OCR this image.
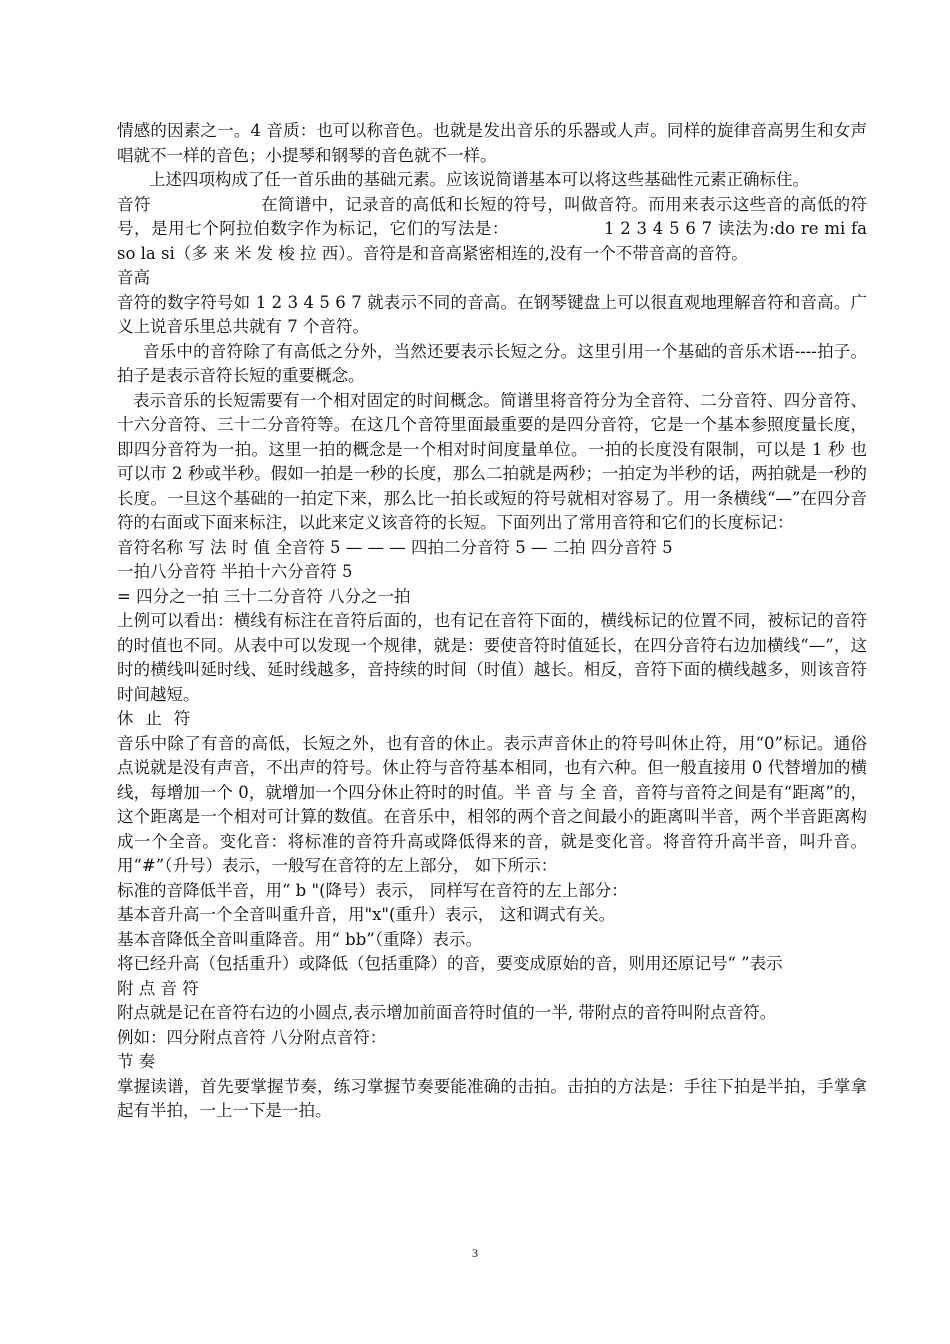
情感的因素之一。4 音质：也可以称音色。也就是发出音乐的乐器或人声。同样的旋律音高男生和女声唱就不一样的音色；小提琴和钢琴的音色就不一样。

上述四项构成了任一首乐曲的基础元素。应该说简谱基本可以将这些基础性元素正确标住。

音符	在简谱中，记录音的高低和长短的符号，叫做音符。而用来表示这些音的高低的符号，是用七个阿拉伯数字作为标记，它们的写法是：	1 2 3 4 5 6 7 读法为:do re mi fa so la si（多 来 米 发 梭 拉 西）。音符是和音高紧密相连的,没有一个不带音高的音符。

音高

音符的数字符号如 1 2 3 4 5 6 7 就表示不同的音高。在钢琴键盘上可以很直观地理解音符和音高。广义上说音乐里总共就有 7 个音符。

音乐中的音符除了有高低之分外，当然还要表示长短之分。这里引用一个基础的音乐术语----拍子。拍子是表示音符长短的重要概念。

表示音乐的长短需要有一个相对固定的时间概念。简谱里将音符分为全音符、二分音符、四分音符、十六分音符、三十二分音符等。在这几个音符里面最重要的是四分音符，它是一个基本参照度量长度，即四分音符为一拍。这里一拍的概念是一个相对时间度量单位。一拍的长度没有限制，可以是 1 秒 也可以市 2 秒或半秒。假如一拍是一秒的长度，那么二拍就是两秒；一拍定为半秒的话，两拍就是一秒的长度。一旦这个基础的一拍定下来，那么比一拍长或短的符号就相对容易了。用一条横线“—”在四分音符的右面或下面来标注，以此来定义该音符的长短。下面列出了常用音符和它们的长度标记：

音符名称 写 法 时 值 全音符 5 — — — 四拍二分音符 5 — 二拍 四分音符 5

一拍八分音符 半拍十六分音符 5

= 四分之一拍 三十二分音符 八分之一拍

上例可以看出：横线有标注在音符后面的，也有记在音符下面的，横线标记的位置不同，被标记的音符的时值也不同。从表中可以发现一个规律，就是：要使音符时值延长，在四分音符右边加横线“—”，这时的横线叫延时线、延时线越多，音持续的时间（时值）越长。相反，音符下面的横线越多，则该音符时间越短。

休 止 符

音乐中除了有音的高低，长短之外，也有音的休止。表示声音休止的符号叫休止符，用“0”标记。通俗点说就是没有声音，不出声的符号。休止符与音符基本相同，也有六种。但一般直接用 0 代替增加的横线，每增加一个 0，就增加一个四分休止符时的时值。半 音 与 全 音，音符与音符之间是有“距离”的，这个距离是一个相对可计算的数值。在音乐中，相邻的两个音之间最小的距离叫半音，两个半音距离构成一个全音。变化音：将标准的音符升高或降低得来的音，就是变化音。将音符升高半音，叫升音。用“#”（升号）表示，一般写在音符的左上部分， 如下所示：

标准的音降低半音，用“ b "(降号）表示， 同样写在音符的左上部分：

基本音升高一个全音叫重升音，用"x"(重升）表示， 这和调式有关。

基本音降低全音叫重降音。用“ bb”（重降）表示。

将已经升高（包括重升）或降低（包括重降）的音，要变成原始的音，则用还原记号“ ”表示

附 点 音 符

附点就是记在音符右边的小圆点,表示增加前面音符时值的一半, 带附点的音符叫附点音符。

例如：四分附点音符 八分附点音符：

节 奏

掌握读谱，首先要掌握节奏，练习掌握节奏要能准确的击拍。击拍的方法是：手往下拍是半拍，手掌拿起有半拍，一上一下是一拍。

3
